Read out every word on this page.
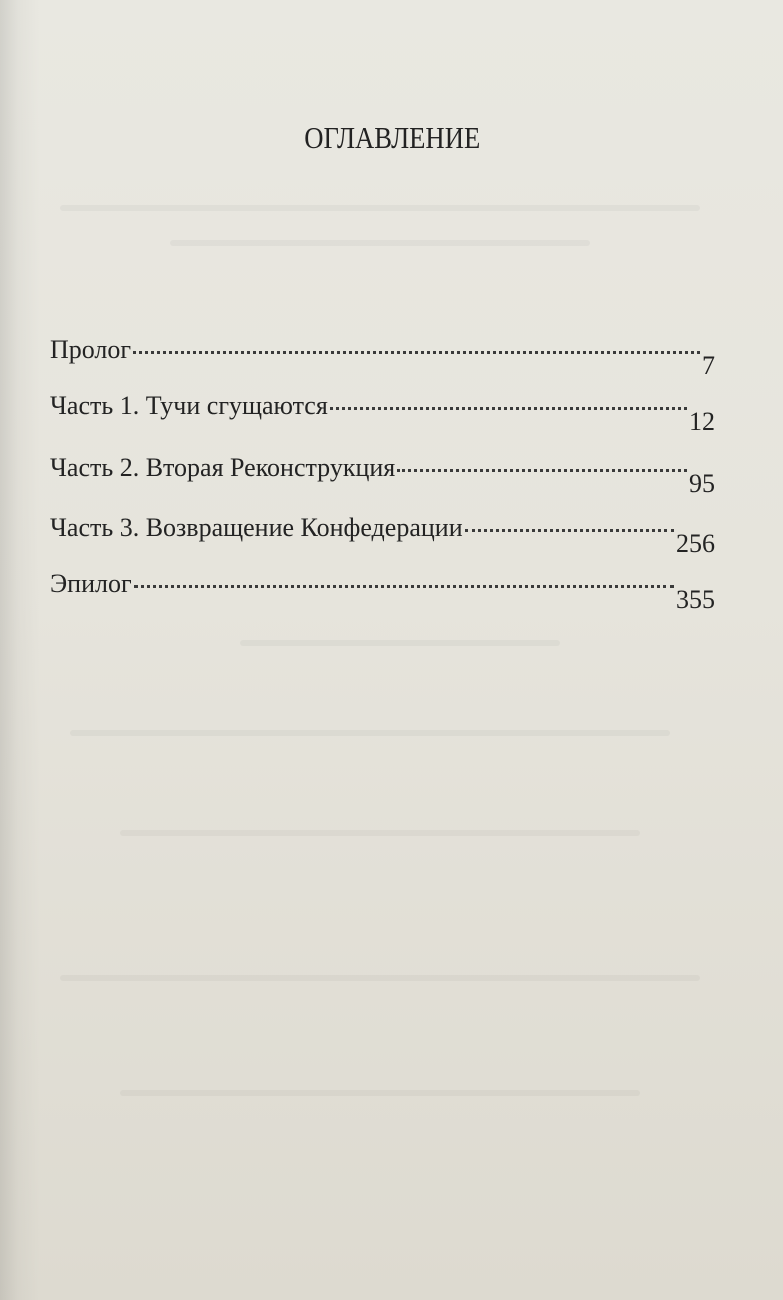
ОГЛАВЛЕНИЕ
Пролог
7
Часть 1. Тучи сгущаются
12
Часть 2. Вторая Реконструкция
95
Часть 3. Возвращение Конфедерации
256
Эпилог
355
